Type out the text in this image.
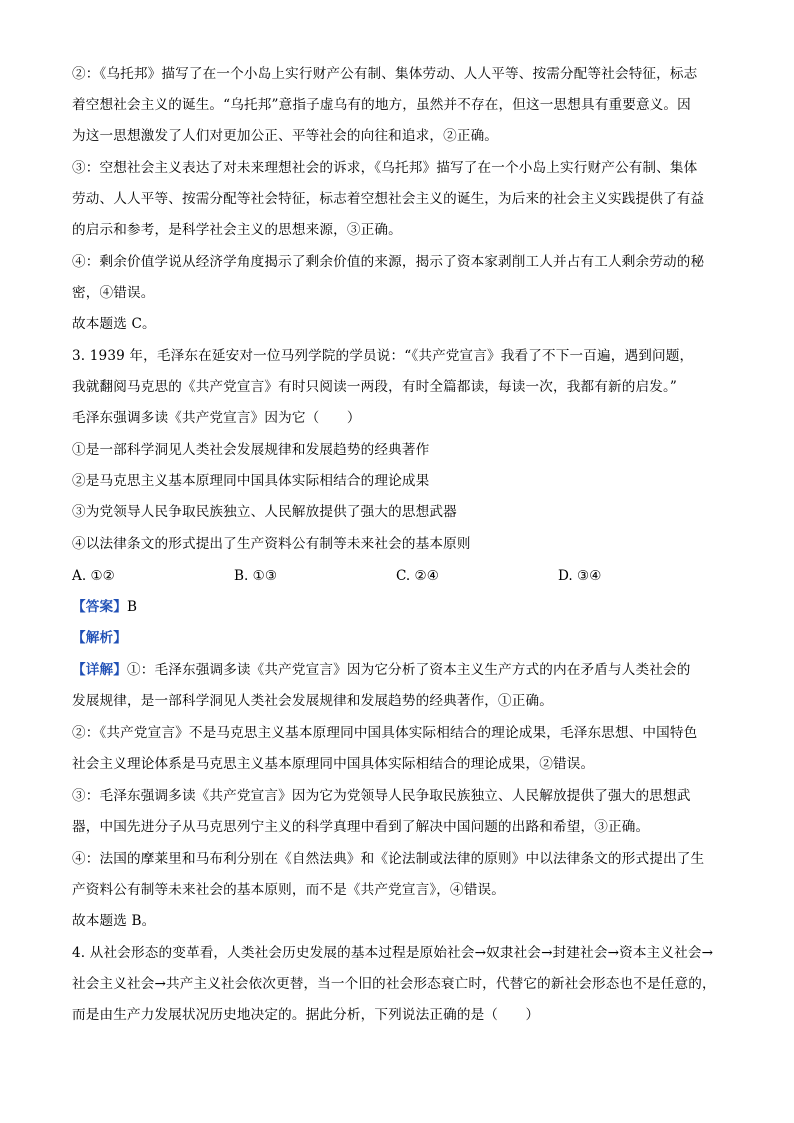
②：《乌托邦》描写了在一个小岛上实行财产公有制、集体劳动、人人平等、按需分配等社会特征，标志
着空想社会主义的诞生。“乌托邦”意指子虚乌有的地方，虽然并不存在，但这一思想具有重要意义。因
为这一思想激发了人们对更加公正、平等社会的向往和追求，②正确。
③：空想社会主义表达了对未来理想社会的诉求，《乌托邦》描写了在一个小岛上实行财产公有制、集体
劳动、人人平等、按需分配等社会特征，标志着空想社会主义的诞生，为后来的社会主义实践提供了有益
的启示和参考，是科学社会主义的思想来源，③正确。
④：剩余价值学说从经济学角度揭示了剩余价值的来源，揭示了资本家剥削工人并占有工人剩余劳动的秘
密，④错误。
故本题选 C。
3. 1939 年，毛泽东在延安对一位马列学院的学员说：“《共产党宣言》我看了不下一百遍，遇到问题，
我就翻阅马克思的《共产党宣言》有时只阅读一两段，有时全篇都读，每读一次，我都有新的启发。”
毛泽东强调多读《共产党宣言》因为它（　　）
①是一部科学洞见人类社会发展规律和发展趋势的经典著作
②是马克思主义基本原理同中国具体实际相结合的理论成果
③为党领导人民争取民族独立、人民解放提供了强大的思想武器
④以法律条文的形式提出了生产资料公有制等未来社会的基本原则
A. ①②	B. ①③	C. ②④	D. ③④
【答案】B
【解析】
【详解】①：毛泽东强调多读《共产党宣言》因为它分析了资本主义生产方式的内在矛盾与人类社会的
发展规律，是一部科学洞见人类社会发展规律和发展趋势的经典著作，①正确。
②：《共产党宣言》不是马克思主义基本原理同中国具体实际相结合的理论成果，毛泽东思想、中国特色
社会主义理论体系是马克思主义基本原理同中国具体实际相结合的理论成果，②错误。
③：毛泽东强调多读《共产党宣言》因为它为党领导人民争取民族独立、人民解放提供了强大的思想武
器，中国先进分子从马克思列宁主义的科学真理中看到了解决中国问题的出路和希望，③正确。
④：法国的摩莱里和马布利分别在《自然法典》和《论法制或法律的原则》中以法律条文的形式提出了生
产资料公有制等未来社会的基本原则，而不是《共产党宣言》，④错误。
故本题选 B。
4. 从社会形态的变革看，人类社会历史发展的基本过程是原始社会→奴隶社会→封建社会→资本主义社会→
社会主义社会→共产主义社会依次更替，当一个旧的社会形态衰亡时，代替它的新社会形态也不是任意的，
而是由生产力发展状况历史地决定的。据此分析，下列说法正确的是（　　）
